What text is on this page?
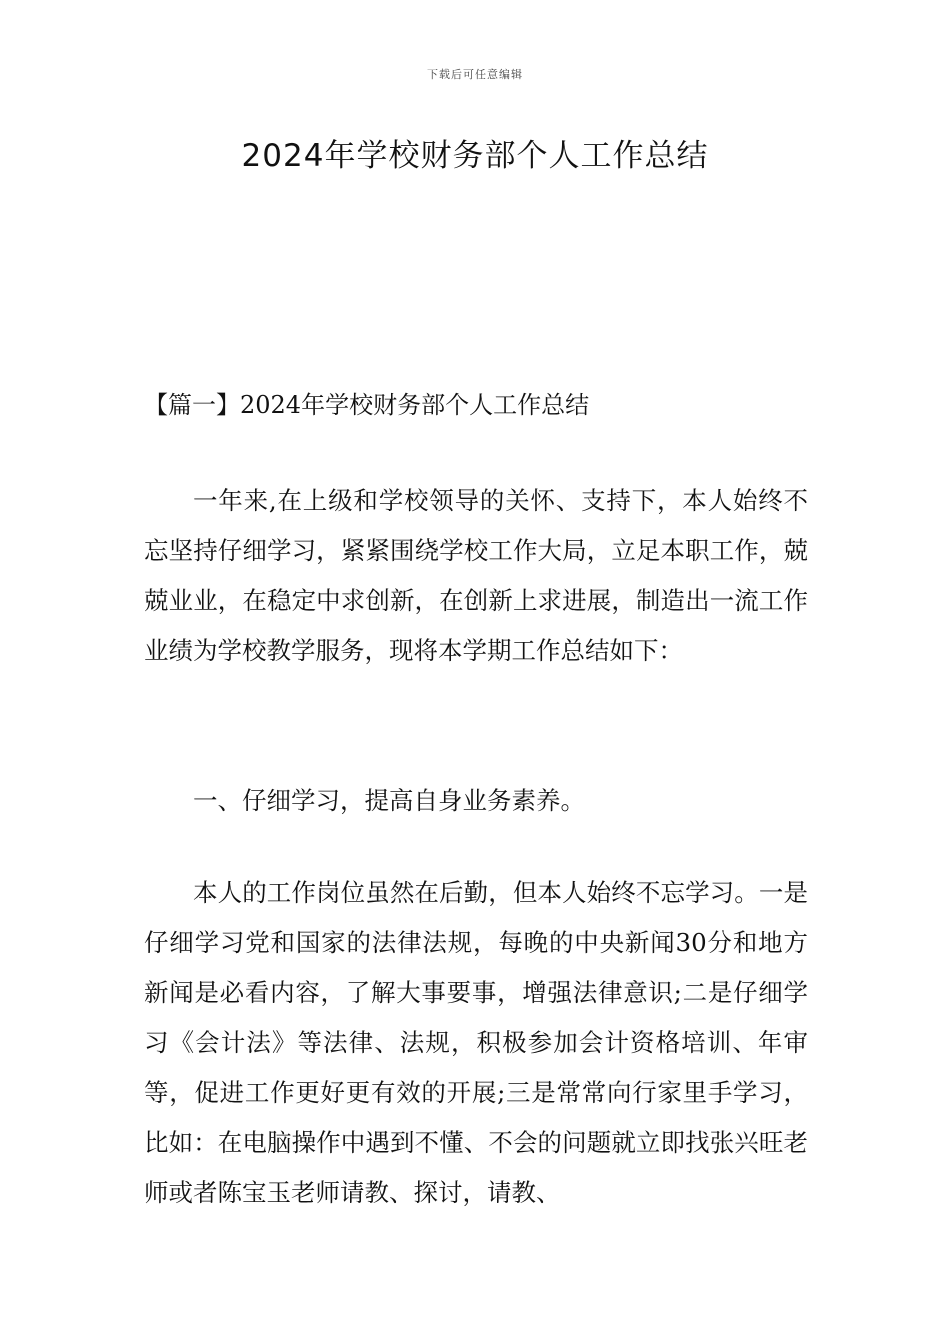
下载后可任意编辑
2024年学校财务部个人工作总结
【篇一】2024年学校财务部个人工作总结

一年来,在上级和学校领导的关怀、支持下，本人始终不忘坚持仔细学习，紧紧围绕学校工作大局，立足本职工作，兢兢业业，在稳定中求创新，在创新上求进展，制造出一流工作业绩为学校教学服务，现将本学期工作总结如下：

一、仔细学习，提高自身业务素养。

本人的工作岗位虽然在后勤，但本人始终不忘学习。一是仔细学习党和国家的法律法规，每晚的中央新闻30分和地方新闻是必看内容，了解大事要事，增强法律意识;二是仔细学习《会计法》等法律、法规，积极参加会计资格培训、年审等，促进工作更好更有效的开展;三是常常向行家里手学习，比如：在电脑操作中遇到不懂、不会的问题就立即找张兴旺老师或者陈宝玉老师请教、探讨，请教、
